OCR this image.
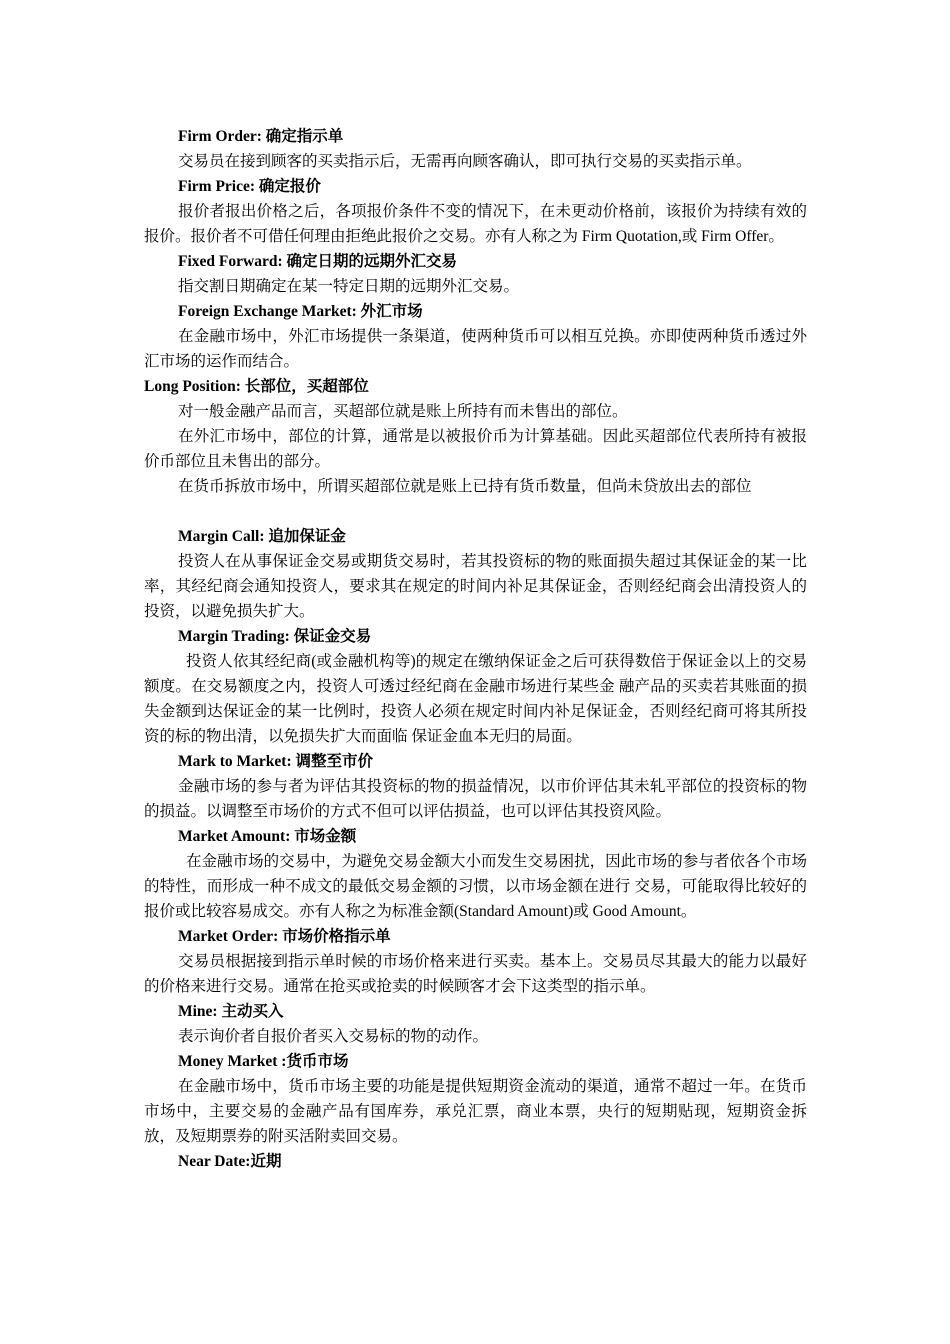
Firm Order: 确定指示单

交易员在接到顾客的买卖指示后，无需再向顾客确认，即可执行交易的买卖指示单。

Firm Price: 确定报价

报价者报出价格之后，各项报价条件不变的情况下，在未更动价格前，该报价为持续有效的报价。报价者不可借任何理由拒绝此报价之交易。亦有人称之为 Firm Quotation,或 Firm Offer。

Fixed Forward: 确定日期的远期外汇交易

指交割日期确定在某一特定日期的远期外汇交易。

Foreign Exchange Market: 外汇市场

在金融市场中，外汇市场提供一条渠道，使两种货币可以相互兑换。亦即使两种货币透过外汇市场的运作而结合。

Long Position: 长部位，买超部位

对一般金融产品而言，买超部位就是账上所持有而未售出的部位。

在外汇市场中，部位的计算，通常是以被报价币为计算基础。因此买超部位代表所持有被报价币部位且未售出的部分。

在货币拆放市场中，所谓买超部位就是账上已持有货币数量，但尚未贷放出去的部位

Margin Call: 追加保证金

投资人在从事保证金交易或期货交易时，若其投资标的物的账面损失超过其保证金的某一比率，其经纪商会通知投资人，要求其在规定的时间内补足其保证金，否则经纪商会出清投资人的投资，以避免损失扩大。

Margin Trading: 保证金交易

投资人依其经纪商(或金融机构等)的规定在缴纳保证金之后可获得数倍于保证金以上的交易额度。在交易额度之内，投资人可透过经纪商在金融市场进行某些金 融产品的买卖若其账面的损失金额到达保证金的某一比例时，投资人必须在规定时间内补足保证金，否则经纪商可将其所投资的标的物出清，以免损失扩大而面临 保证金血本无归的局面。

Mark to Market: 调整至市价

金融市场的参与者为评估其投资标的物的损益情况，以市价评估其未轧平部位的投资标的物的损益。以调整至市场价的方式不但可以评估损益，也可以评估其投资风险。

Market Amount: 市场金额

在金融市场的交易中，为避免交易金额大小而发生交易困扰，因此市场的参与者依各个市场的特性，而形成一种不成文的最低交易金额的习惯，以市场金额在进行 交易，可能取得比较好的报价或比较容易成交。亦有人称之为标准金额(Standard Amount)或 Good Amount。

Market Order: 市场价格指示单

交易员根据接到指示单时候的市场价格来进行买卖。基本上。交易员尽其最大的能力以最好的价格来进行交易。通常在抢买或抢卖的时候顾客才会下这类型的指示单。

Mine: 主动买入

表示询价者自报价者买入交易标的物的动作。

Money Market :货币市场

在金融市场中，货币市场主要的功能是提供短期资金流动的渠道，通常不超过一年。在货币市场中，主要交易的金融产品有国库券，承兑汇票，商业本票，央行的短期贴现，短期资金拆放，及短期票券的附买活附卖回交易。

Near Date:近期
